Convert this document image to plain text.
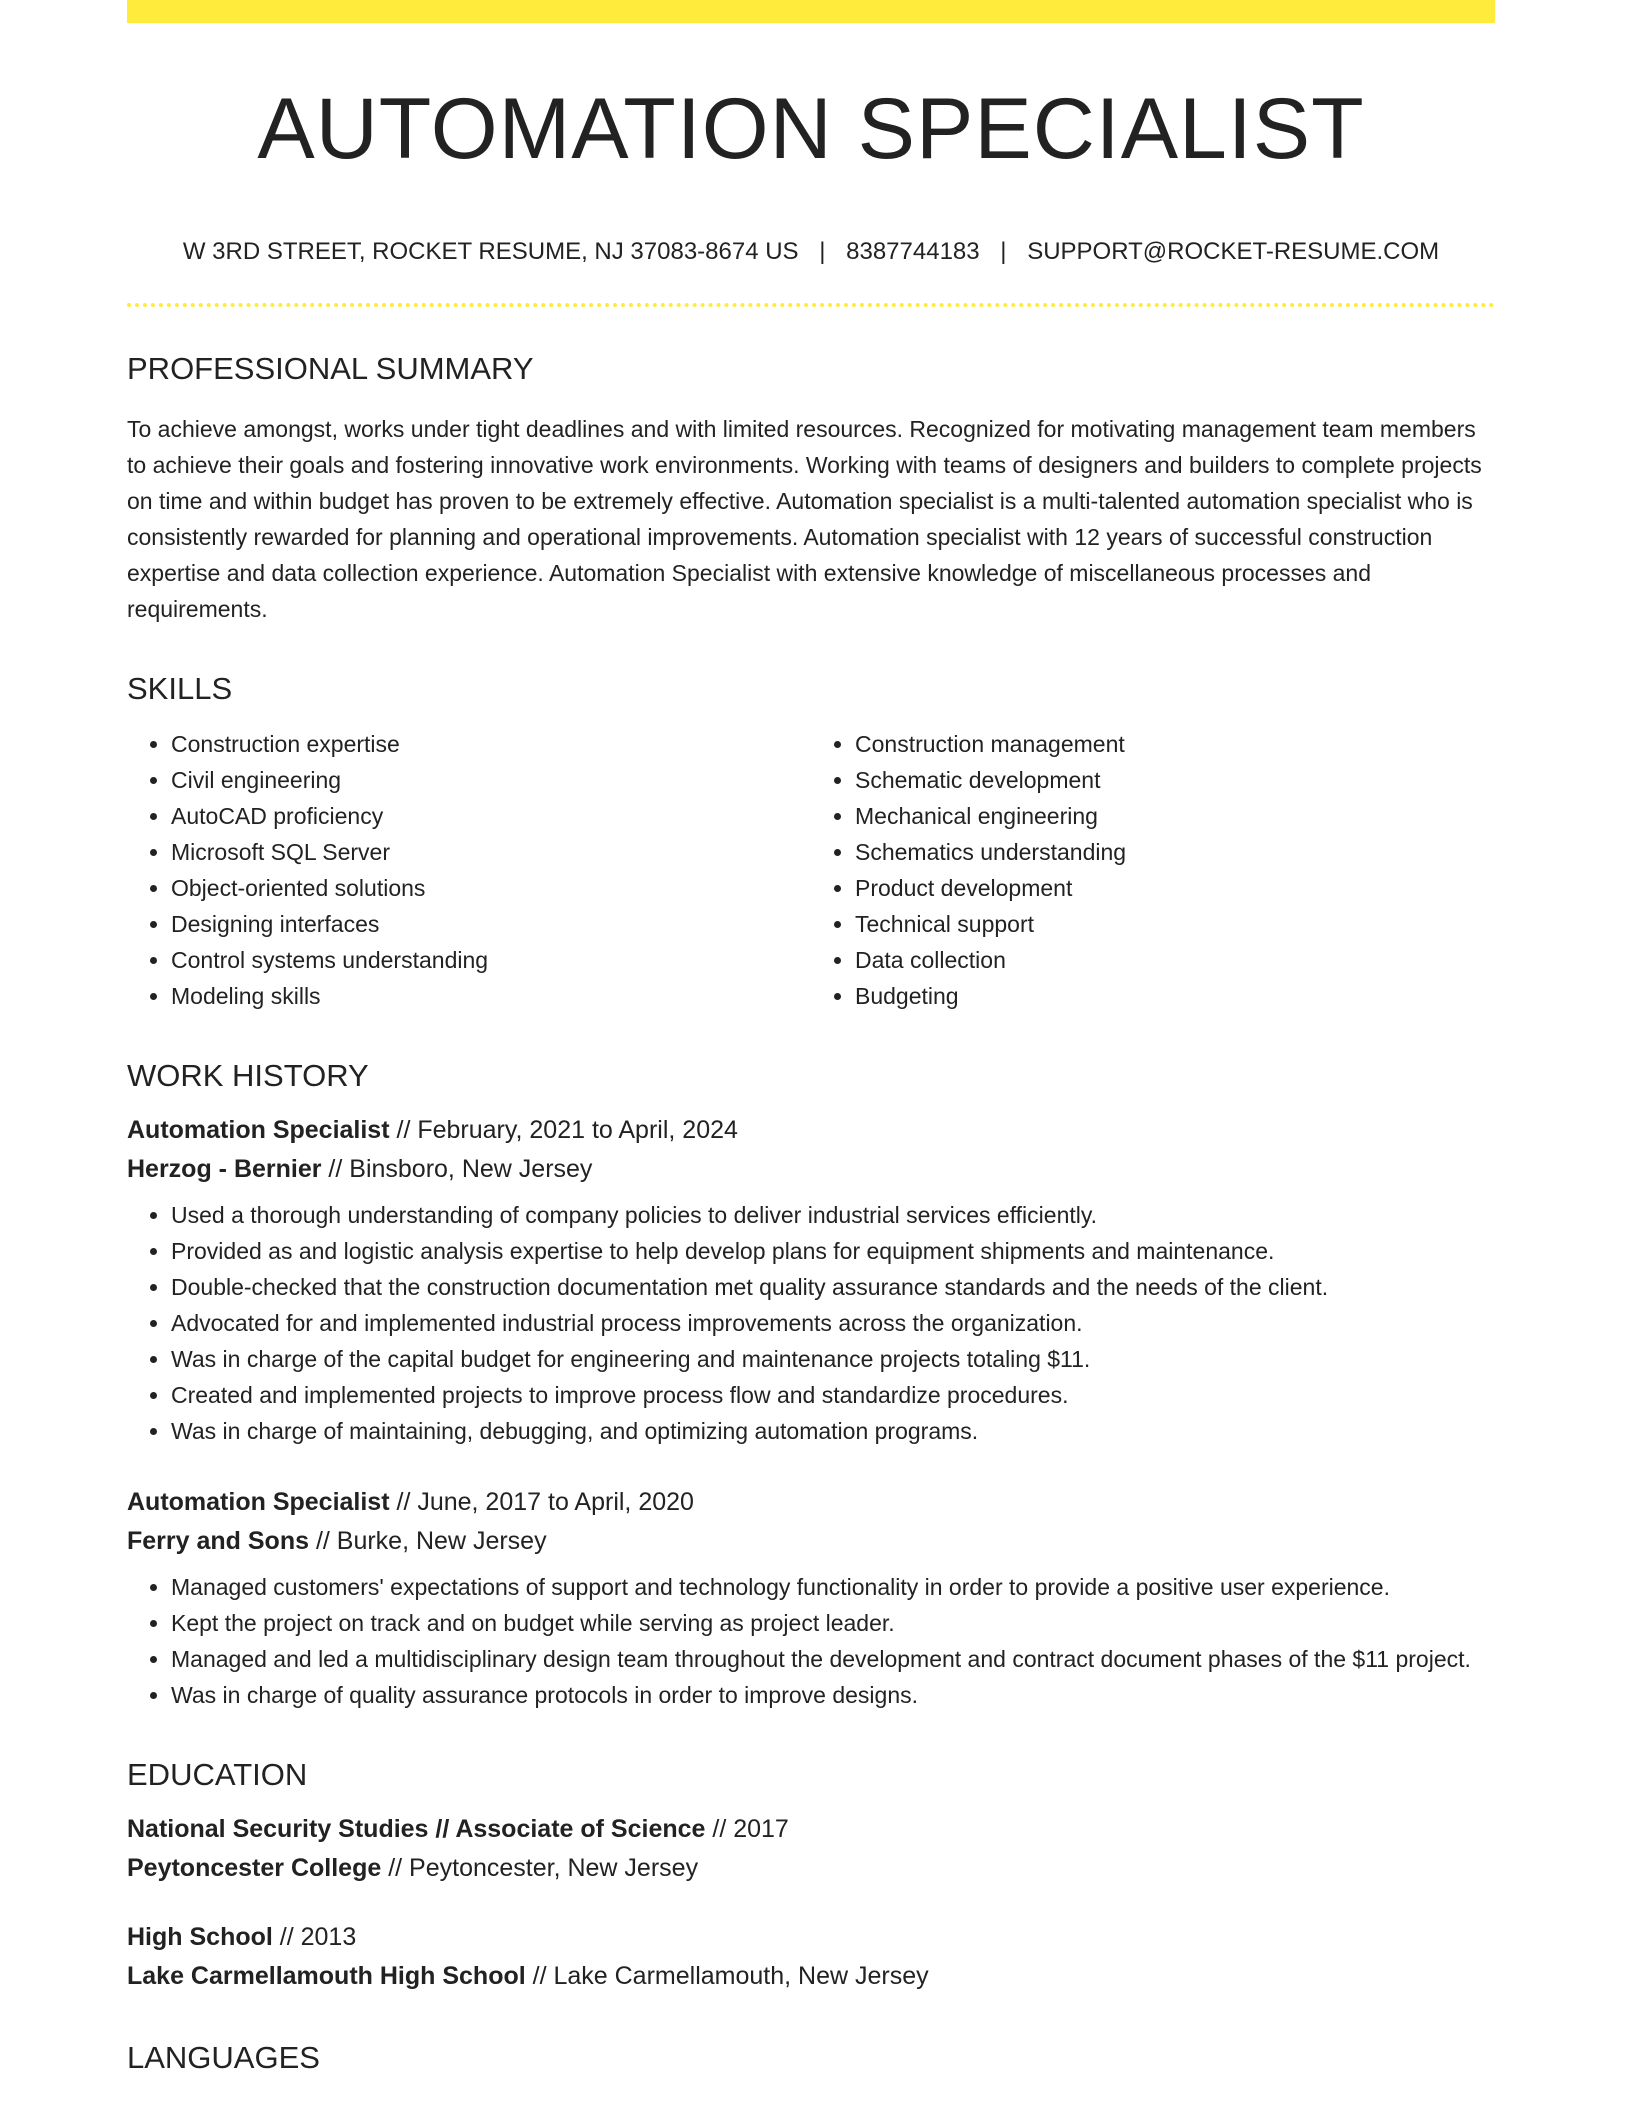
AUTOMATION SPECIALIST
W 3RD STREET, ROCKET RESUME, NJ 37083-8674 US | 8387744183 | SUPPORT@ROCKET-RESUME.COM
PROFESSIONAL SUMMARY

To achieve amongst, works under tight deadlines and with limited resources. Recognized for motivating management team members to achieve their goals and fostering innovative work environments. Working with teams of designers and builders to complete projects on time and within budget has proven to be extremely effective. Automation specialist is a multi-talented automation specialist who is consistently rewarded for planning and operational improvements. Automation specialist with 12 years of successful construction expertise and data collection experience. Automation Specialist with extensive knowledge of miscellaneous processes and requirements.

SKILLS
• Construction expertise
• Civil engineering
• AutoCAD proficiency
• Microsoft SQL Server
• Object-oriented solutions
• Designing interfaces
• Control systems understanding
• Modeling skills
• Construction management
• Schematic development
• Mechanical engineering
• Schematics understanding
• Product development
• Technical support
• Data collection
• Budgeting
WORK HISTORY
Automation Specialist // February, 2021 to April, 2024
Herzog - Bernier // Binsboro, New Jersey
• Used a thorough understanding of company policies to deliver industrial services efficiently.
• Provided as and logistic analysis expertise to help develop plans for equipment shipments and maintenance.
• Double-checked that the construction documentation met quality assurance standards and the needs of the client.
• Advocated for and implemented industrial process improvements across the organization.
• Was in charge of the capital budget for engineering and maintenance projects totaling $11.
• Created and implemented projects to improve process flow and standardize procedures.
• Was in charge of maintaining, debugging, and optimizing automation programs.
Automation Specialist // June, 2017 to April, 2020
Ferry and Sons // Burke, New Jersey
• Managed customers' expectations of support and technology functionality in order to provide a positive user experience.
• Kept the project on track and on budget while serving as project leader.
• Managed and led a multidisciplinary design team throughout the development and contract document phases of the $11 project.
• Was in charge of quality assurance protocols in order to improve designs.
EDUCATION
National Security Studies // Associate of Science // 2017
Peytoncester College // Peytoncester, New Jersey
High School // 2013
Lake Carmellamouth High School // Lake Carmellamouth, New Jersey
LANGUAGES
